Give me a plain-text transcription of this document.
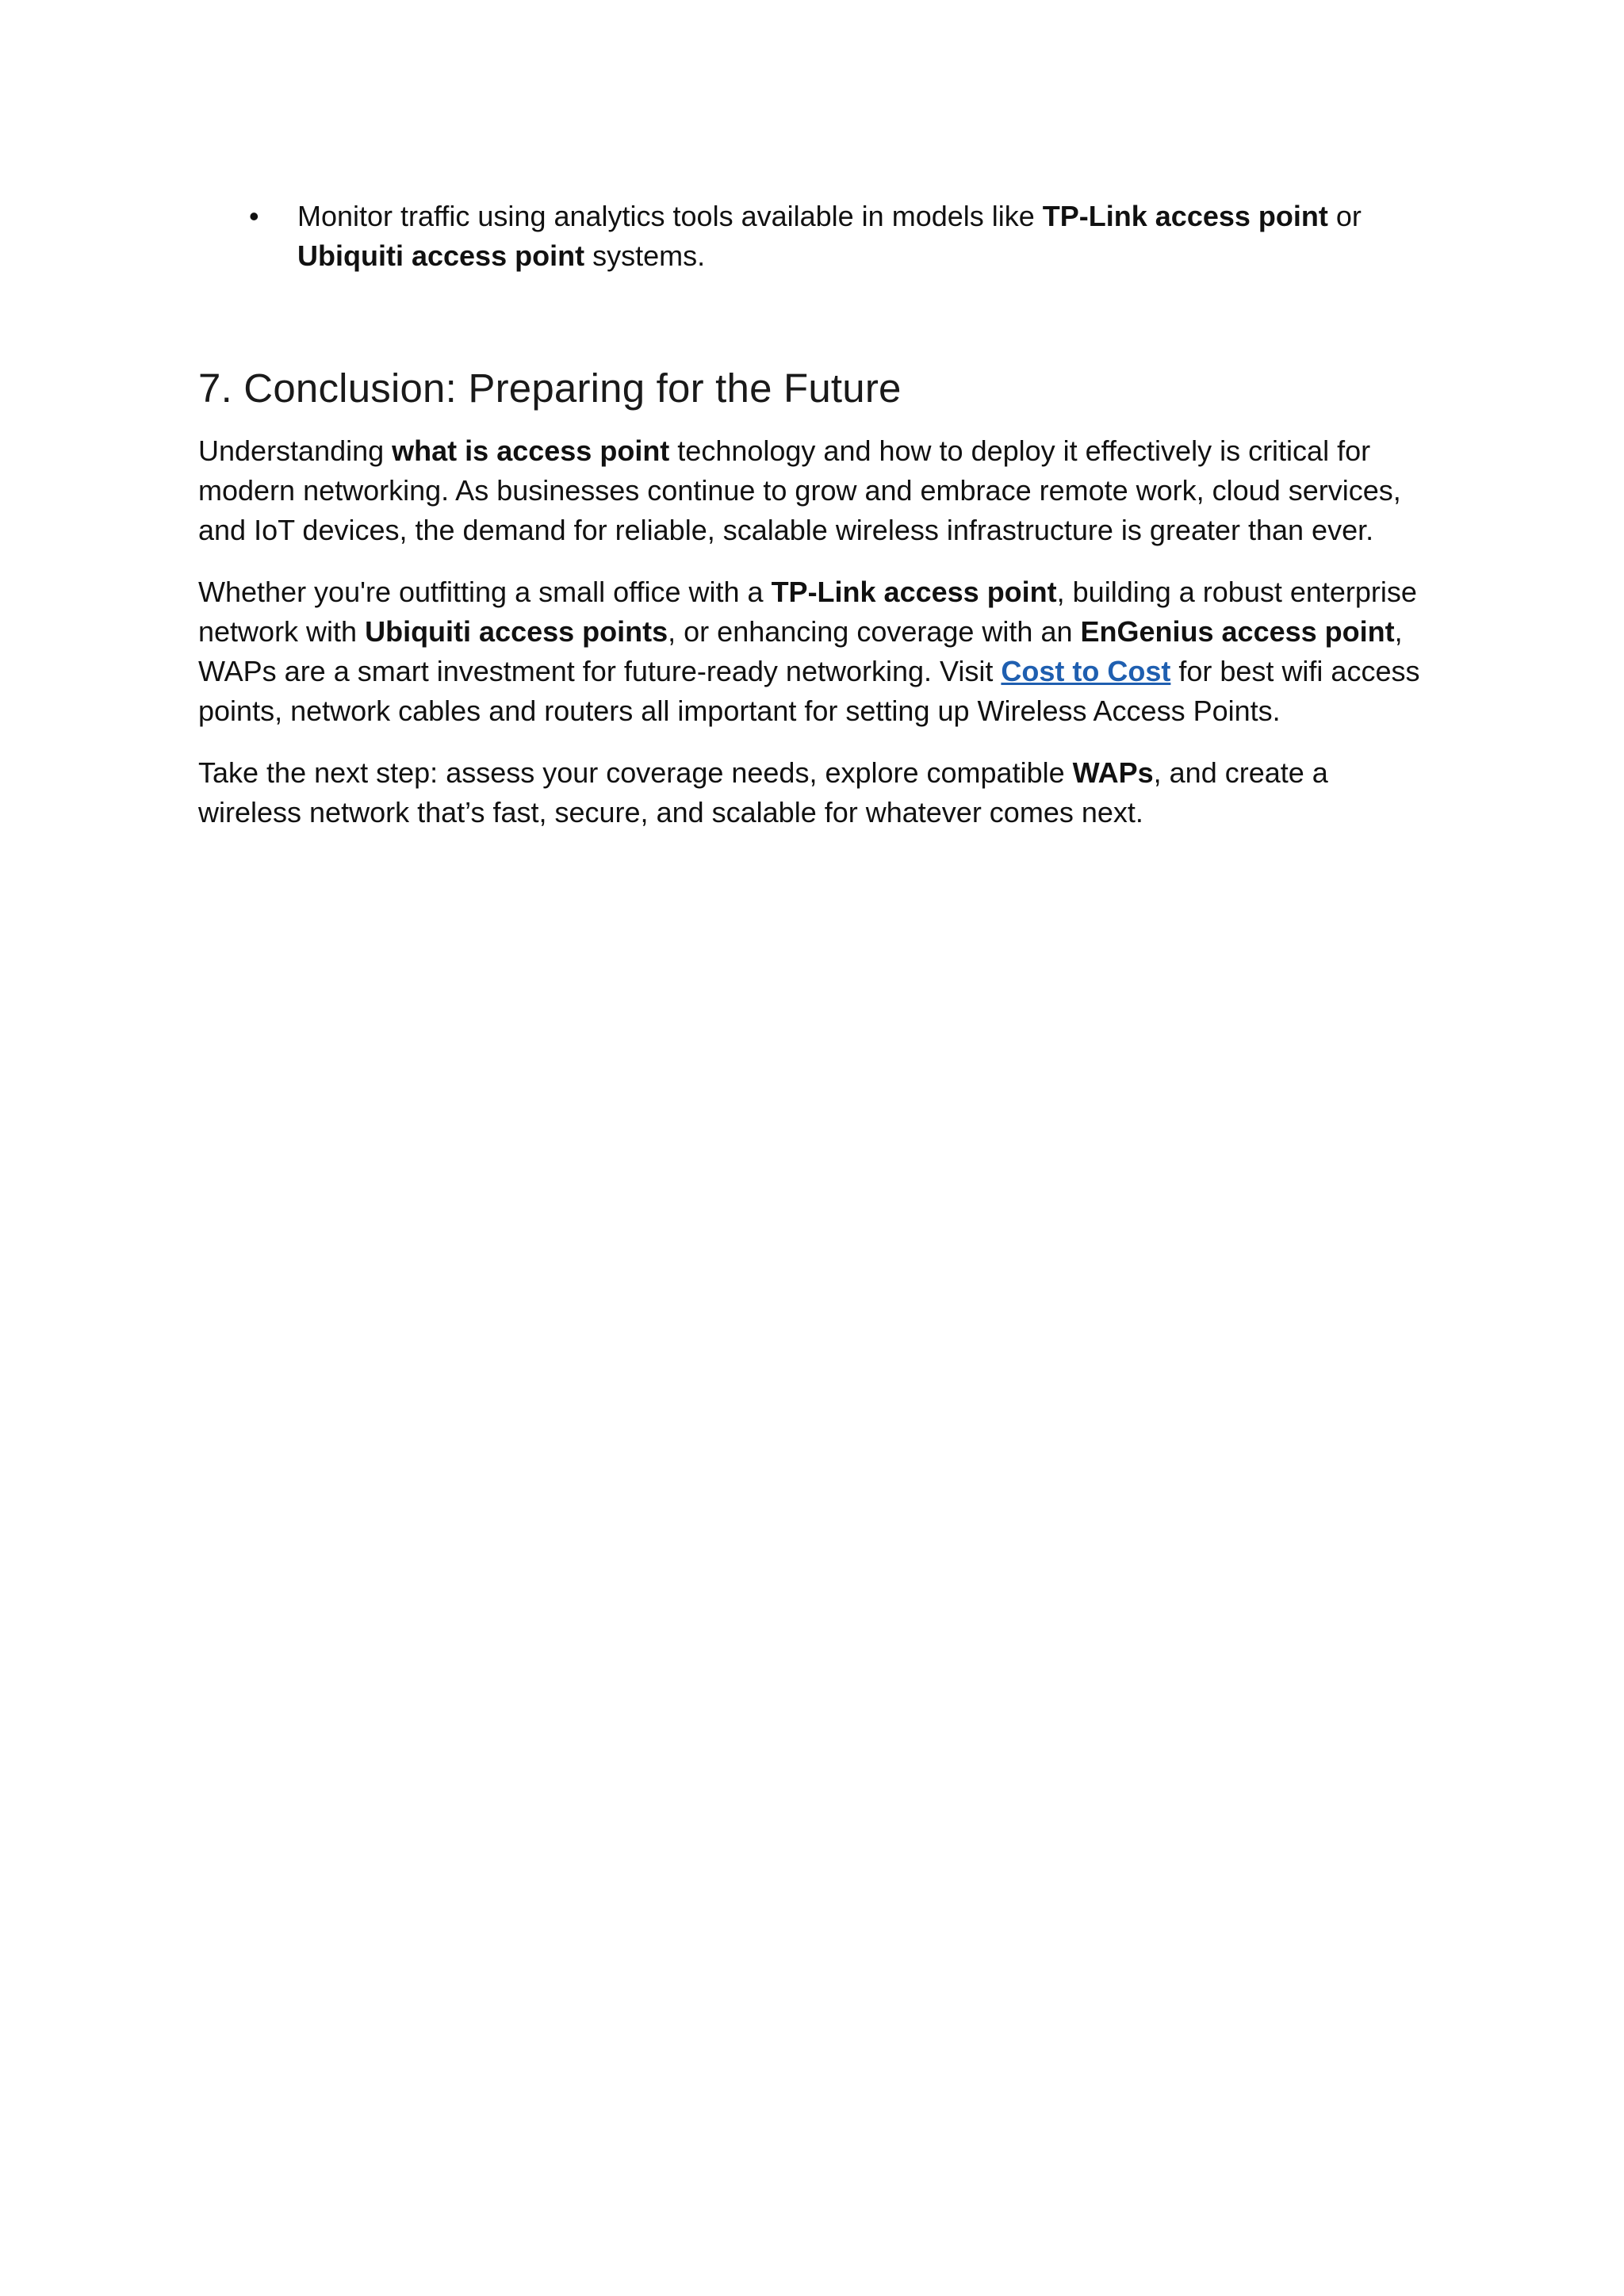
• Monitor traffic using analytics tools available in models like TP-Link access point or Ubiquiti access point systems.
7. Conclusion: Preparing for the Future

Understanding what is access point technology and how to deploy it effectively is critical for modern networking. As businesses continue to grow and embrace remote work, cloud services, and IoT devices, the demand for reliable, scalable wireless infrastructure is greater than ever.

Whether you're outfitting a small office with a TP-Link access point, building a robust enterprise network with Ubiquiti access points, or enhancing coverage with an EnGenius access point, WAPs are a smart investment for future-ready networking. Visit Cost to Cost for best wifi access points, network cables and routers all important for setting up Wireless Access Points.

Take the next step: assess your coverage needs, explore compatible WAPs, and create a wireless network that’s fast, secure, and scalable for whatever comes next.
